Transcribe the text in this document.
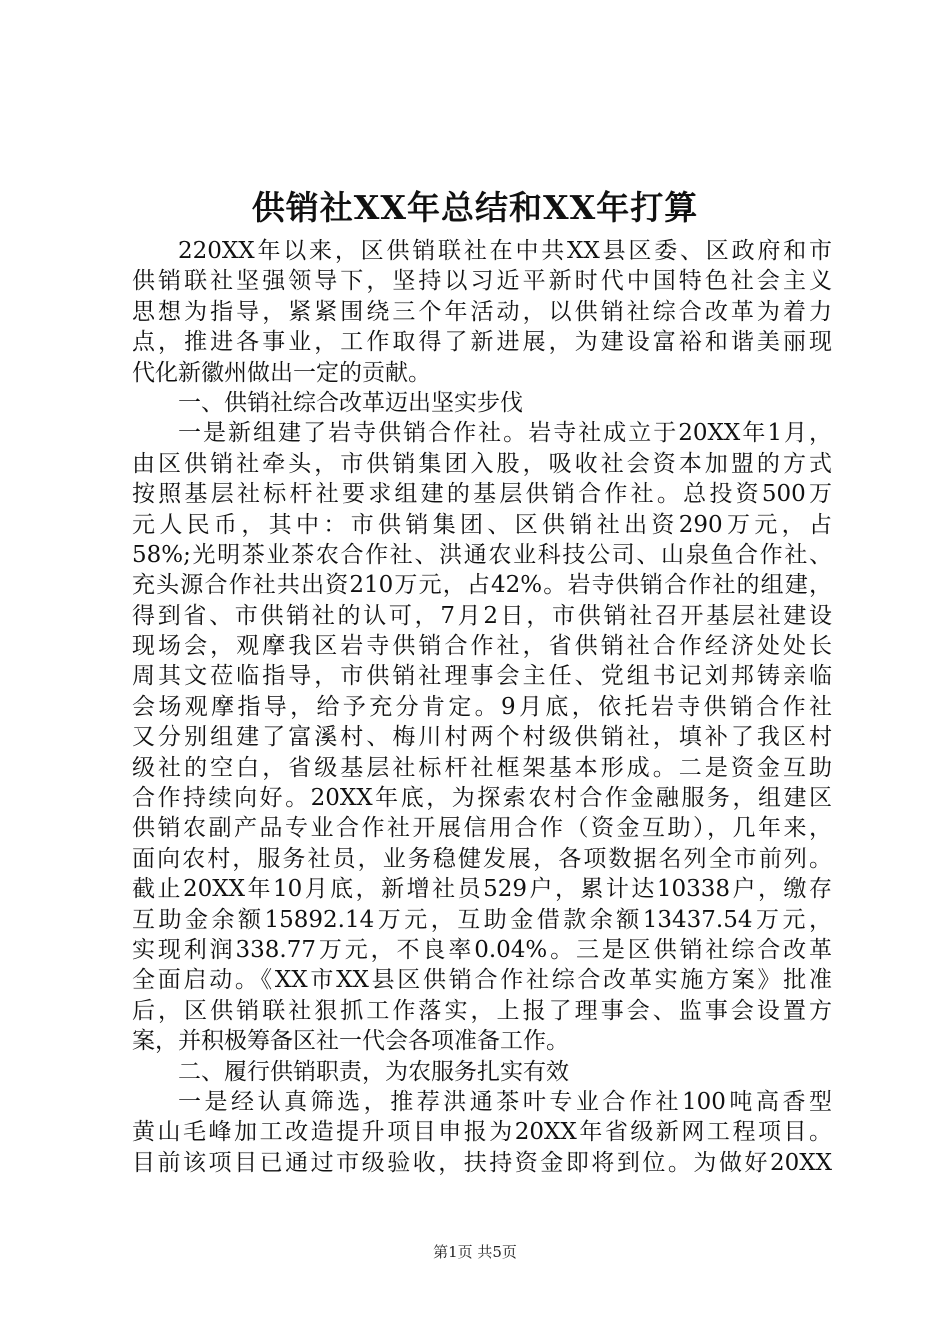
供销社XX年总结和XX年打算
220XX年以来，区供销联社在中共XX县区委、区政府和市
供销联社坚强领导下，坚持以习近平新时代中国特色社会主义
思想为指导，紧紧围绕三个年活动，以供销社综合改革为着力
点，推进各事业，工作取得了新进展，为建设富裕和谐美丽现
代化新徽州做出一定的贡献。
一、供销社综合改革迈出坚实步伐
一是新组建了岩寺供销合作社。岩寺社成立于20XX年1月，
由区供销社牵头，市供销集团入股，吸收社会资本加盟的方式
按照基层社标杆社要求组建的基层供销合作社。总投资500万
元人民币，其中：市供销集团、区供销社出资290万元，占
58%;光明茶业茶农合作社、洪通农业科技公司、山泉鱼合作社、
充头源合作社共出资210万元，占42%。岩寺供销合作社的组建，
得到省、市供销社的认可，7月2日，市供销社召开基层社建设
现场会，观摩我区岩寺供销合作社，省供销社合作经济处处长
周其文莅临指导，市供销社理事会主任、党组书记刘邦铸亲临
会场观摩指导，给予充分肯定。9月底，依托岩寺供销合作社
又分别组建了富溪村、梅川村两个村级供销社，填补了我区村
级社的空白，省级基层社标杆社框架基本形成。二是资金互助
合作持续向好。20XX年底，为探索农村合作金融服务，组建区
供销农副产品专业合作社开展信用合作（资金互助），几年来，
面向农村，服务社员，业务稳健发展，各项数据名列全市前列。
截止20XX年10月底，新增社员529户，累计达10338户，缴存
互助金余额15892.14万元，互助金借款余额13437.54万元，
实现利润338.77万元，不良率0.04%。三是区供销社综合改革
全面启动。《XX市XX县区供销合作社综合改革实施方案》批准
后，区供销联社狠抓工作落实，上报了理事会、监事会设置方
案，并积极筹备区社一代会各项准备工作。
二、履行供销职责，为农服务扎实有效
一是经认真筛选，推荐洪通茶叶专业合作社100吨高香型
黄山毛峰加工改造提升项目申报为20XX年省级新网工程项目。
目前该项目已通过市级验收，扶持资金即将到位。为做好20XX
第1页 共5页
